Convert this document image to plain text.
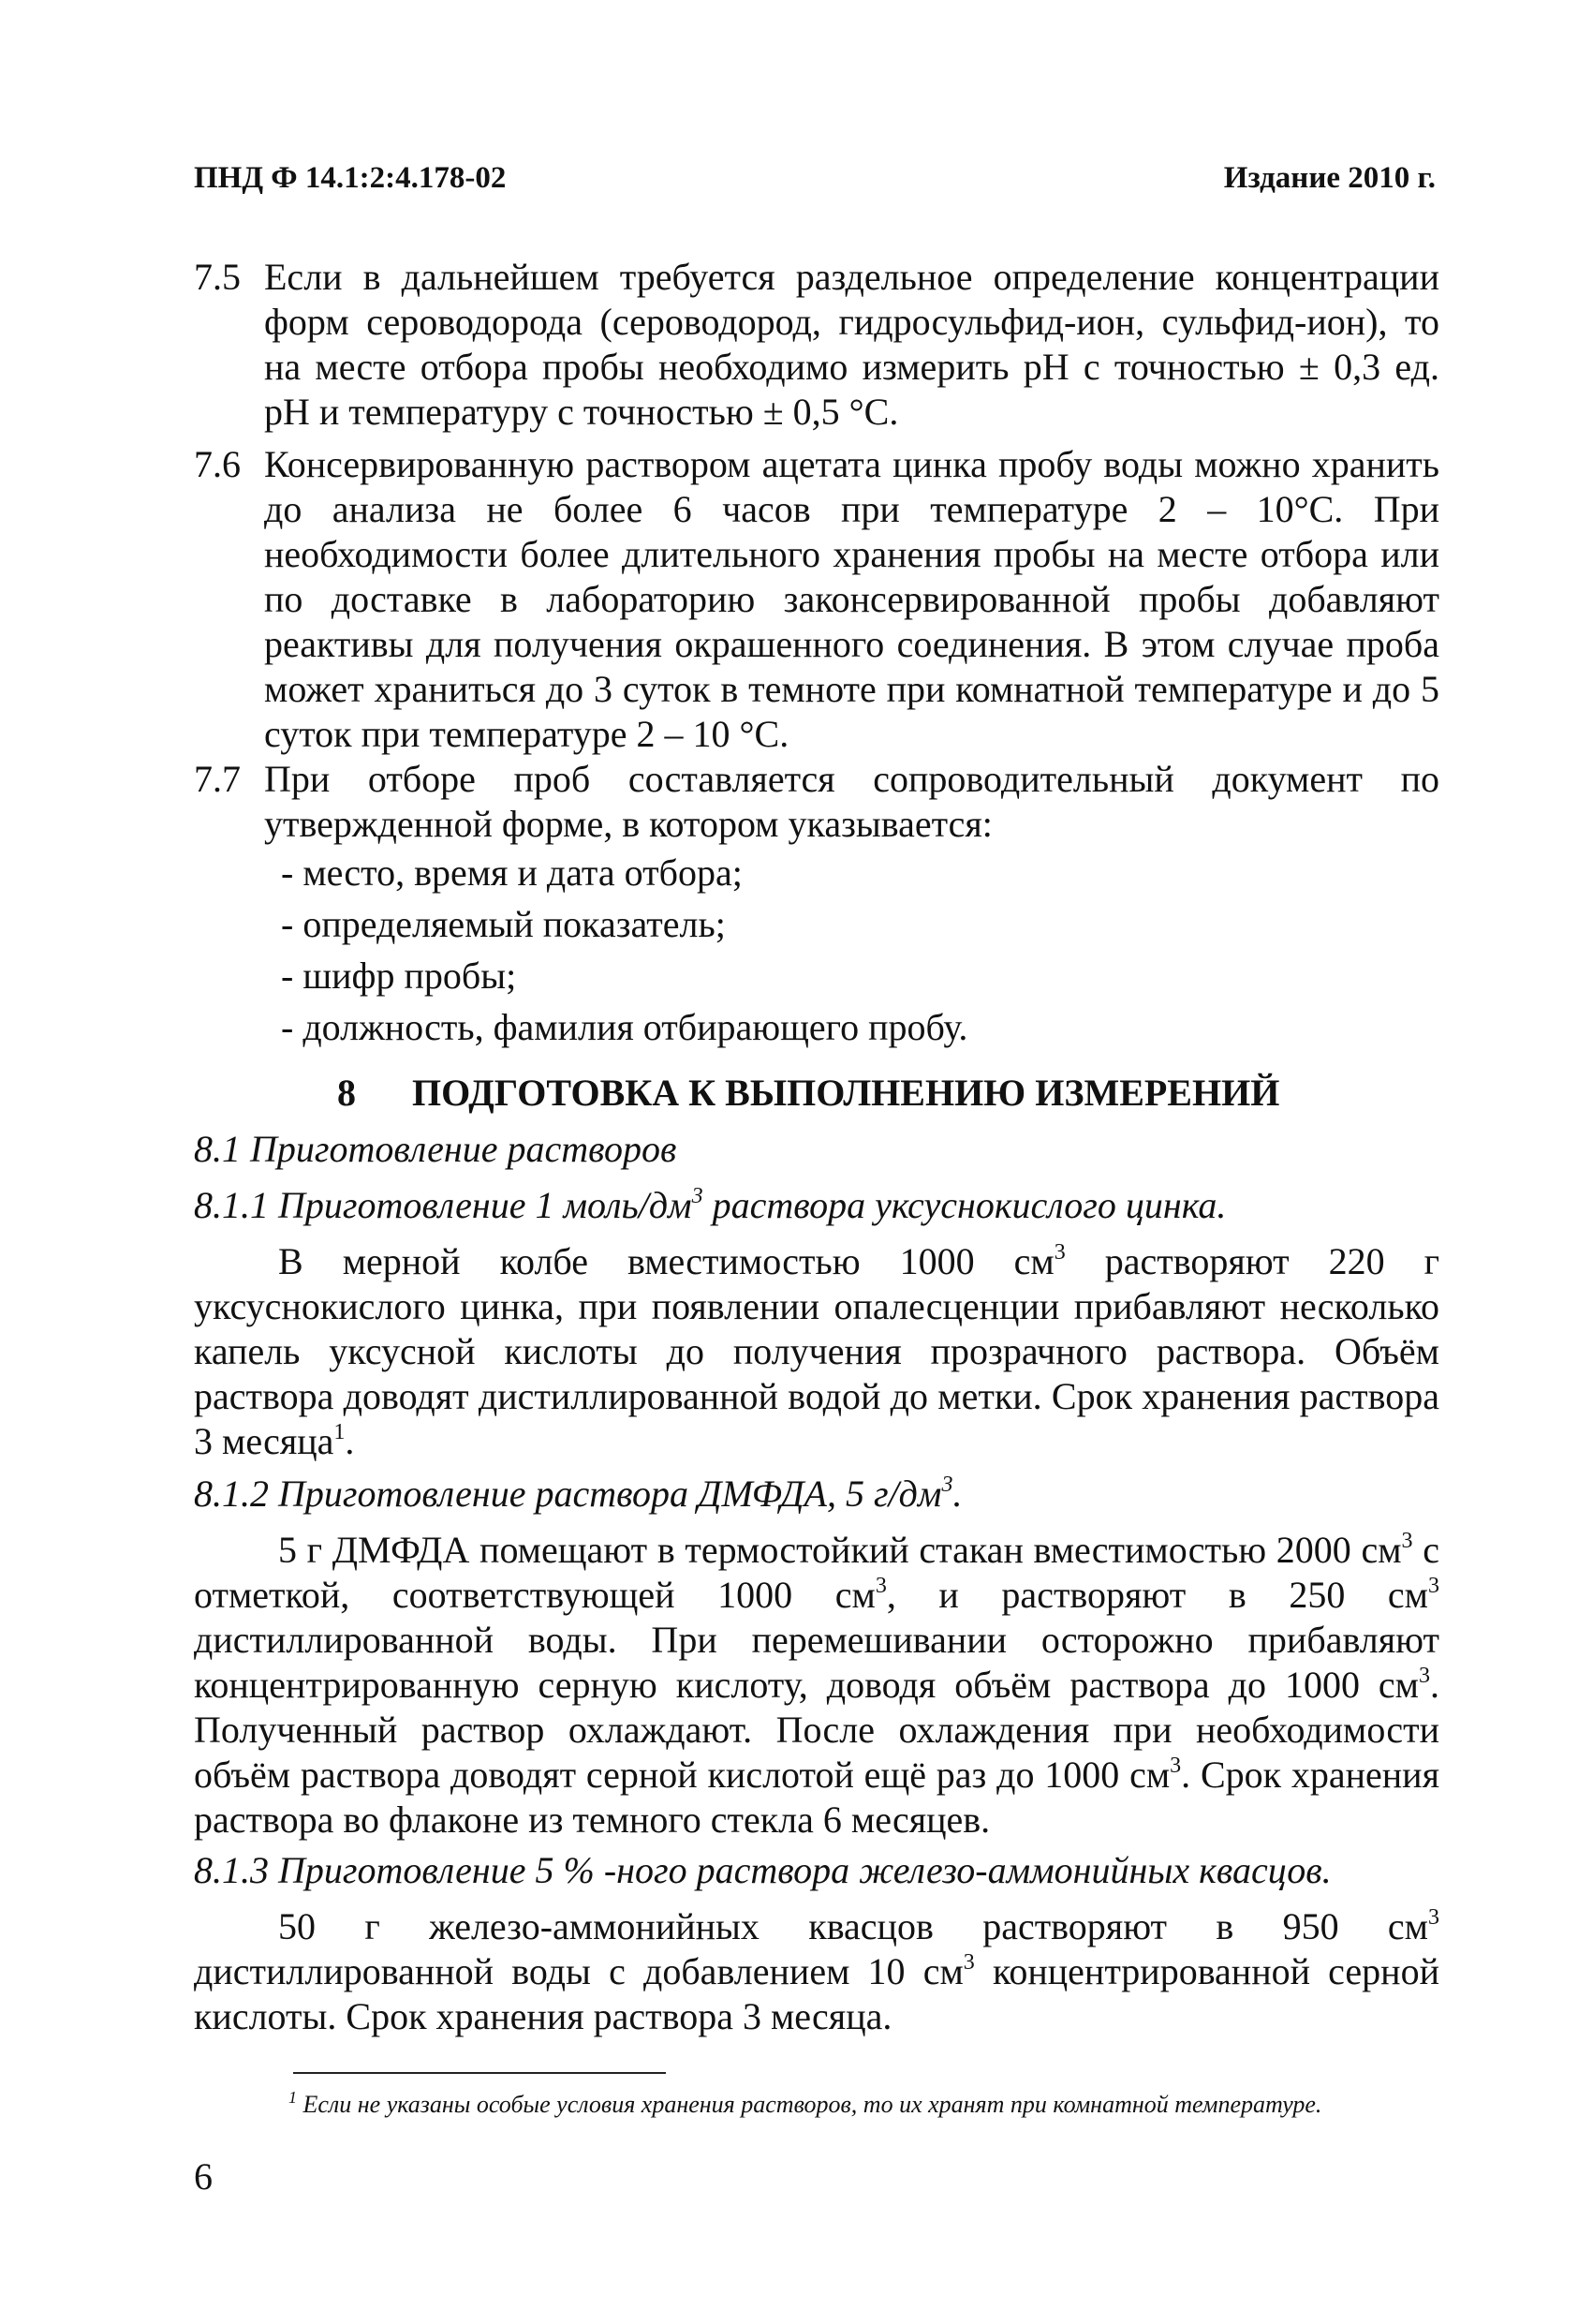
ПНД Ф 14.1:2:4.178-02	Издание 2010 г.
7.5 Если в дальнейшем требуется раздельное определение концентрации форм сероводорода (сероводород, гидросульфид-ион, сульфид-ион), то на месте отбора пробы необходимо измерить pH с точностью ± 0,3 ед. pH и температуру с точностью ± 0,5 °С.
7.6 Консервированную раствором ацетата цинка пробу воды можно хранить до анализа не более 6 часов при температуре 2 – 10°С. При необходимости более длительного хранения пробы на месте отбора или по доставке в лабораторию законсервированной пробы добавляют реактивы для получения окрашенного соединения. В этом случае проба может храниться до 3 суток в темноте при комнатной температуре и до 5 суток при температуре 2 – 10 °С.
7.7 При отборе проб составляется сопроводительный документ по утвержденной форме, в котором указывается:
- место, время и дата отбора;
- определяемый показатель;
- шифр пробы;
- должность, фамилия отбирающего пробу.
8 ПОДГОТОВКА К ВЫПОЛНЕНИЮ ИЗМЕРЕНИЙ
8.1 Приготовление растворов
8.1.1 Приготовление 1 моль/$дм^3$ раствора уксуснокислого цинка.
В мерной колбе вместимостью 1000 $см^3$ растворяют 220 г уксуснокислого цинка, при появлении опалесценции прибавляют несколько капель уксусной кислоты до получения прозрачного раствора. Объём раствора доводят дистиллированной водой до метки. Срок хранения раствора 3 месяца$^1$.
8.1.2 Приготовление раствора ДМФДА, 5 $г/дм^3$.
5 г ДМФДА помещают в термостойкий стакан вместимостью 2000 $см^3$ с отметкой, соответствующей 1000 $см^3$, и растворяют в 250 $см^3$ дистиллированной воды. При перемешивании осторожно прибавляют концентрированную серную кислоту, доводя объём раствора до 1000 $см^3$. Полученный раствор охлаждают. После охлаждения при необходимости объём раствора доводят серной кислотой ещё раз до 1000 $см^3$. Срок хранения раствора во флаконе из темного стекла 6 месяцев.
8.1.3 Приготовление 5 % -ного раствора железо-аммонийных квасцов.
50 г железо-аммонийных квасцов растворяют в 950 $см^3$ дистиллированной воды с добавлением 10 $см^3$ концентрированной серной кислоты. Срок хранения раствора 3 месяца.
$^1$ Если не указаны особые условия хранения растворов, то их хранят при комнатной температуре.
6
